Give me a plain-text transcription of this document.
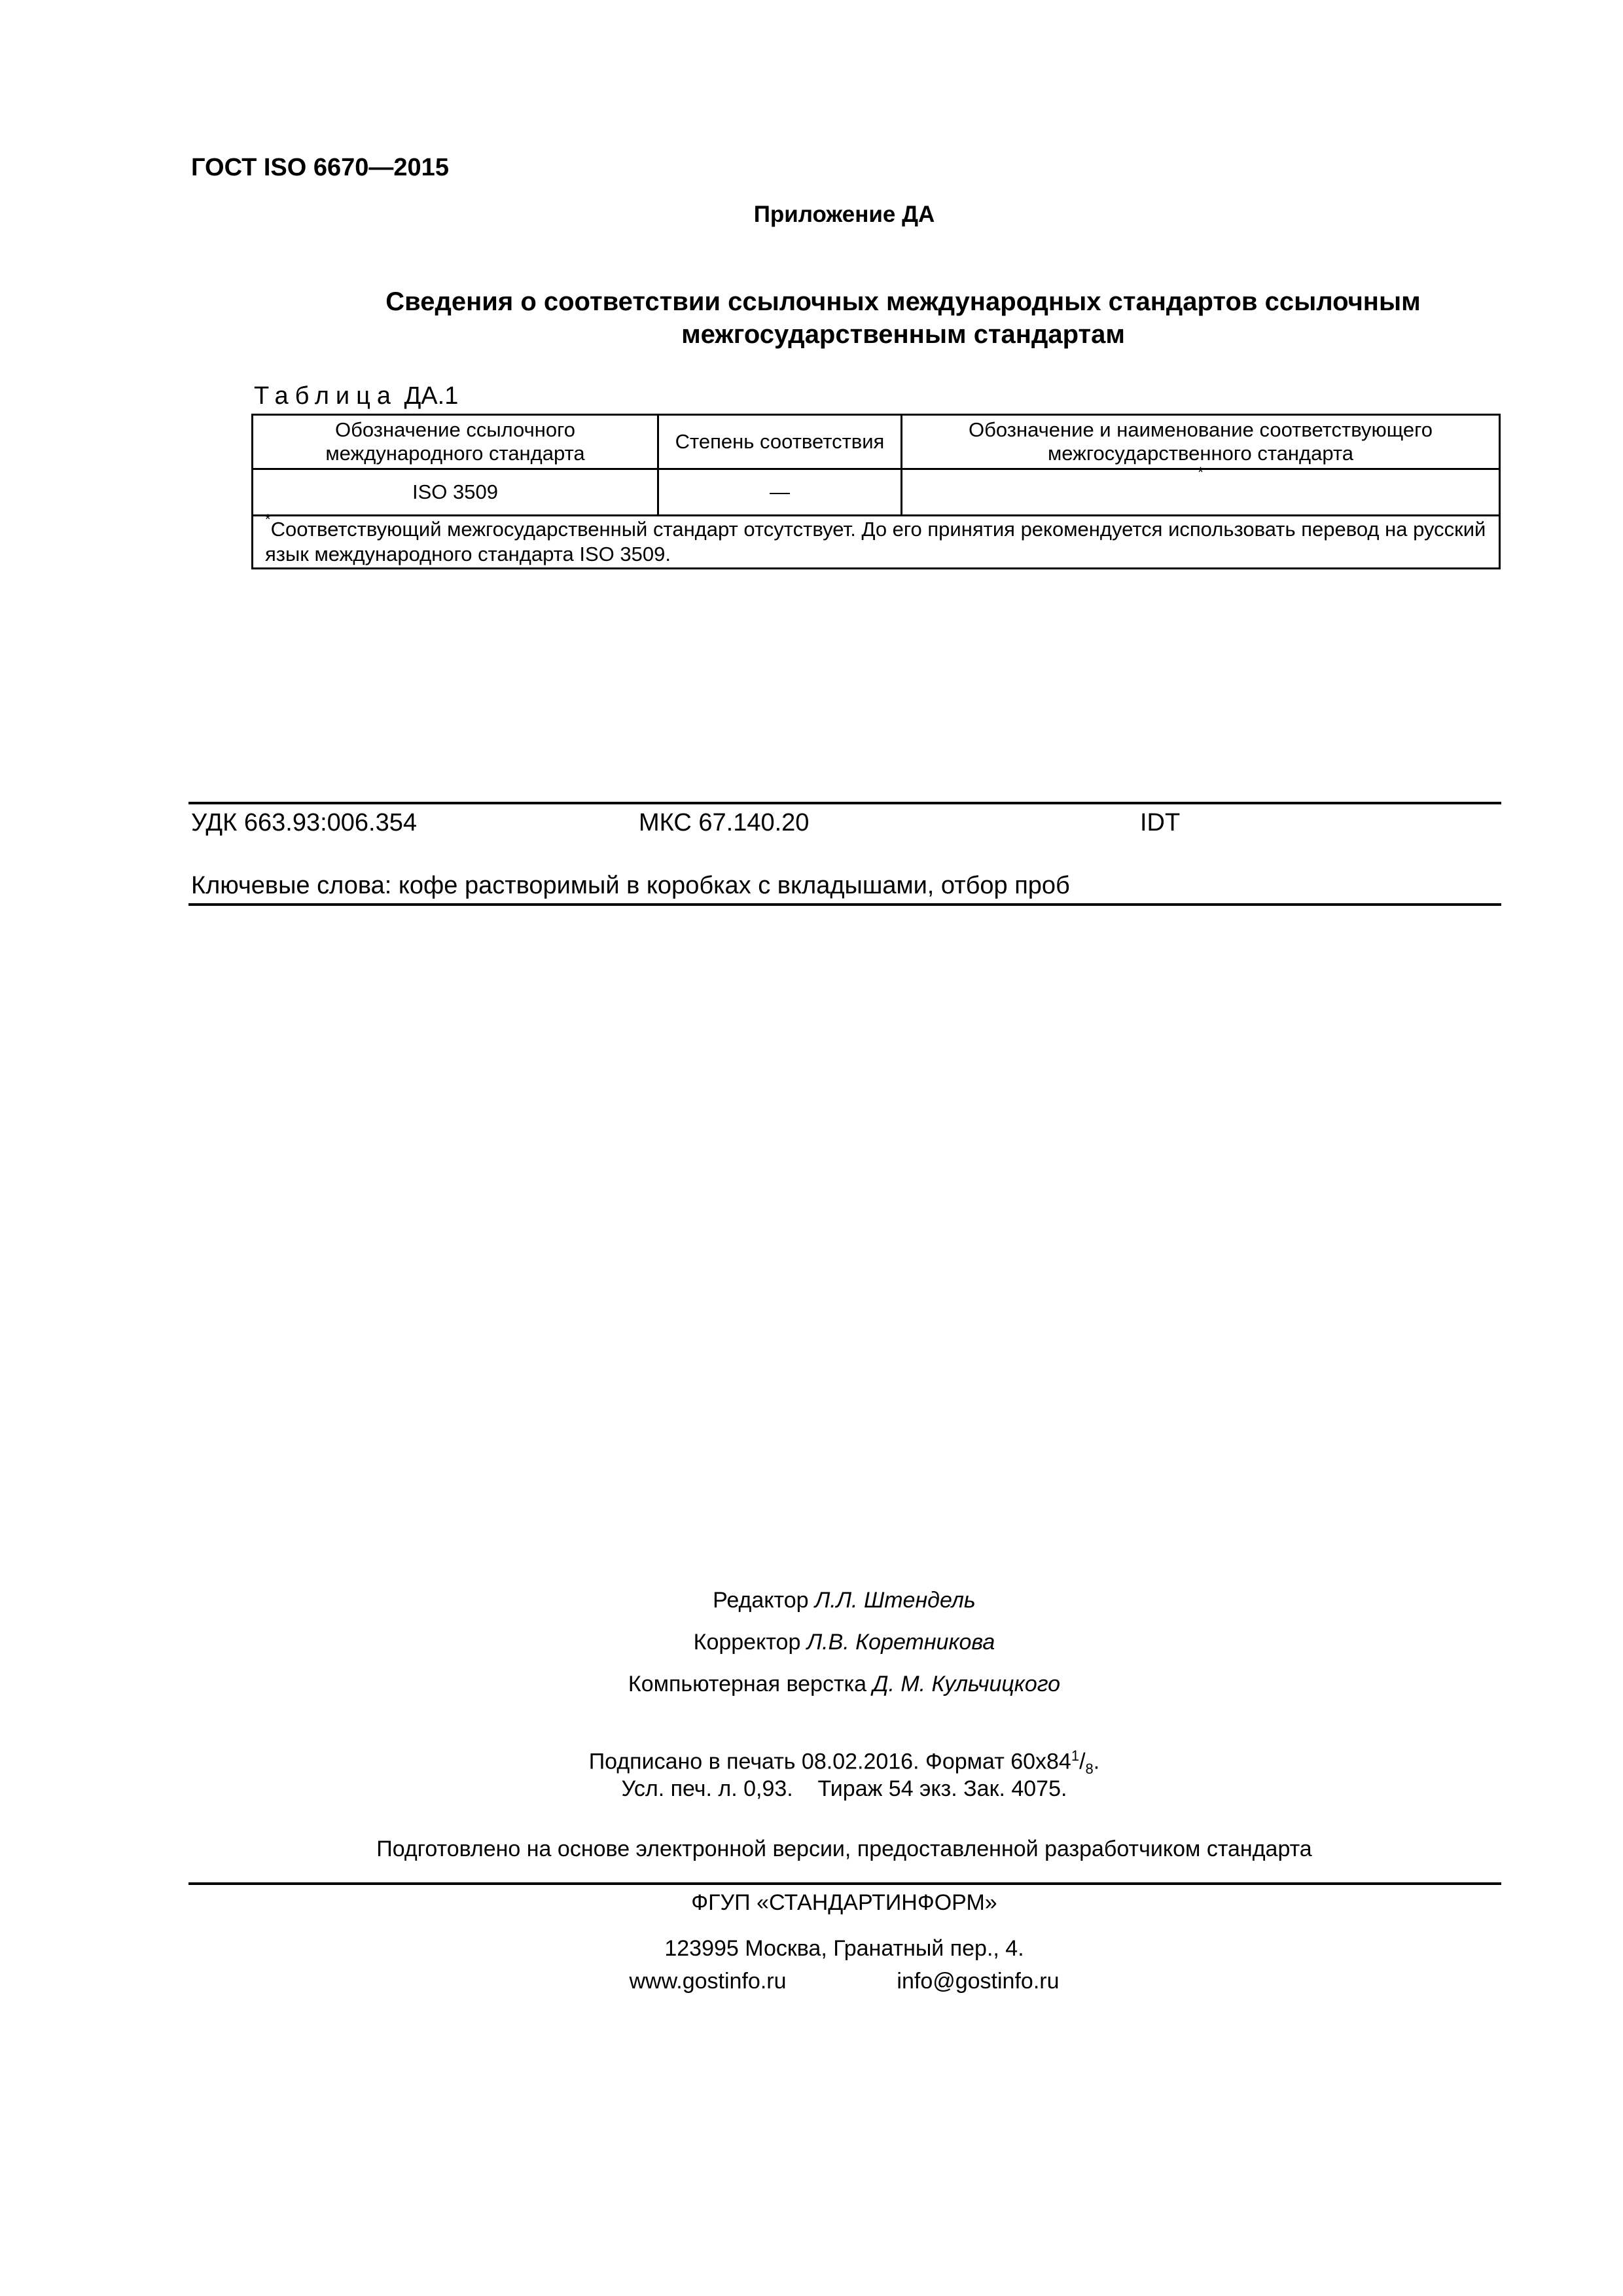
ГОСТ ISO 6670—2015
Приложение ДА
Сведения о соответствии ссылочных международных стандартов ссылочным
межгосударственным стандартам
Таблица ДА.1
Обозначение ссылочного международного стандарта	Степень соответствия	Обозначение и наименование соответствующего межгосударственного стандарта
ISO 3509	—	*
*Соответствующий межгосударственный стандарт отсутствует. До его принятия рекомендуется использовать перевод на русский язык международного стандарта ISO 3509.		
УДК 663.93:006.354	МКС 67.140.20	IDT
Ключевые слова: кофе растворимый в коробках с вкладышами, отбор проб
Редактор Л.Л. Штендель
Корректор Л.В. Коретникова
Компьютерная верстка Д. М. Кульчицкого
Подписано в печать 08.02.2016. Формат $60x84^1/_8$.
Усл. печ. л. 0,93.    Тираж 54 экз. Зак. 4075.
Подготовлено на основе электронной версии, предоставленной разработчиком стандарта
ФГУП «СТАНДАРТИНФОРМ»
123995 Москва, Гранатный пер., 4.
www.gostinfo.ru	info@gostinfo.ru
